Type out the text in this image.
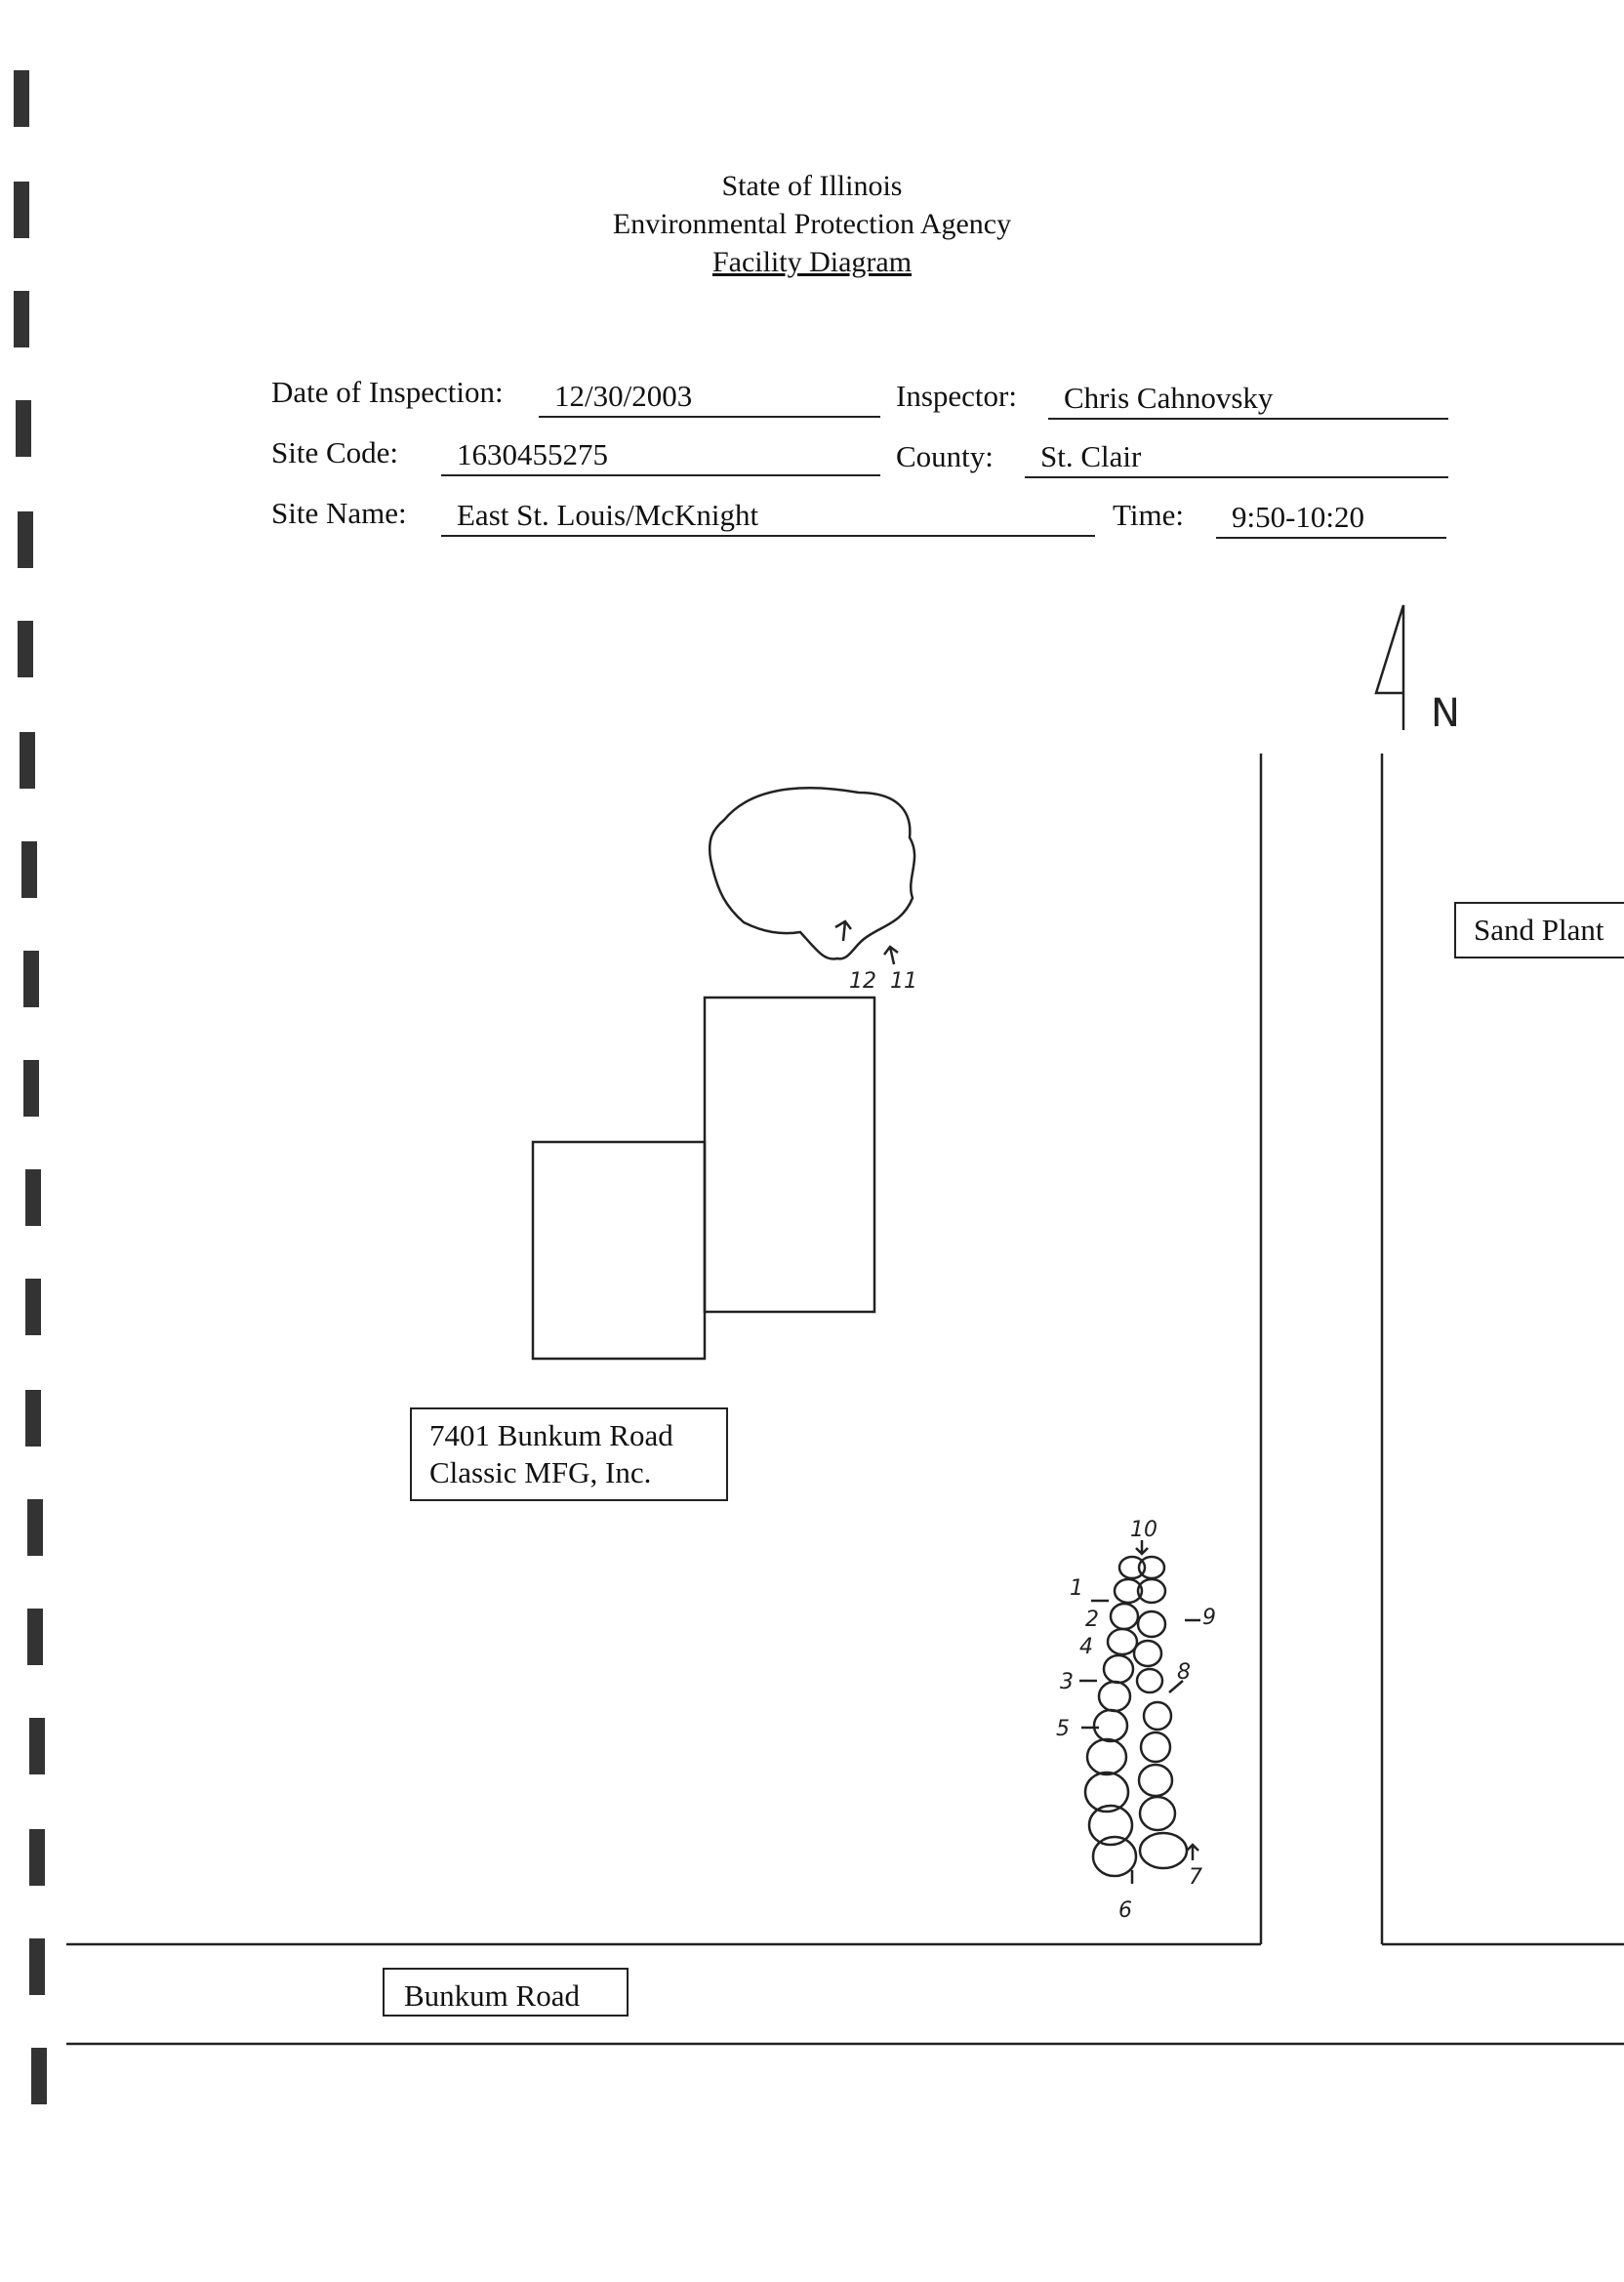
State of Illinois
Environmental Protection Agency
Facility Diagram
Date of Inspection:	12/30/2003	Inspector:	Chris Cahnovsky
Site Code:	1630455275	County:	St. Clair
Site Name:	East St. Louis/McKnight	Time:	9:50-10:20
12 11
10
1
2	9
4
8
3
5
7
6
N
Sand Plant
7401 Bunkum Road
Classic MFG, Inc.
Bunkum Road
